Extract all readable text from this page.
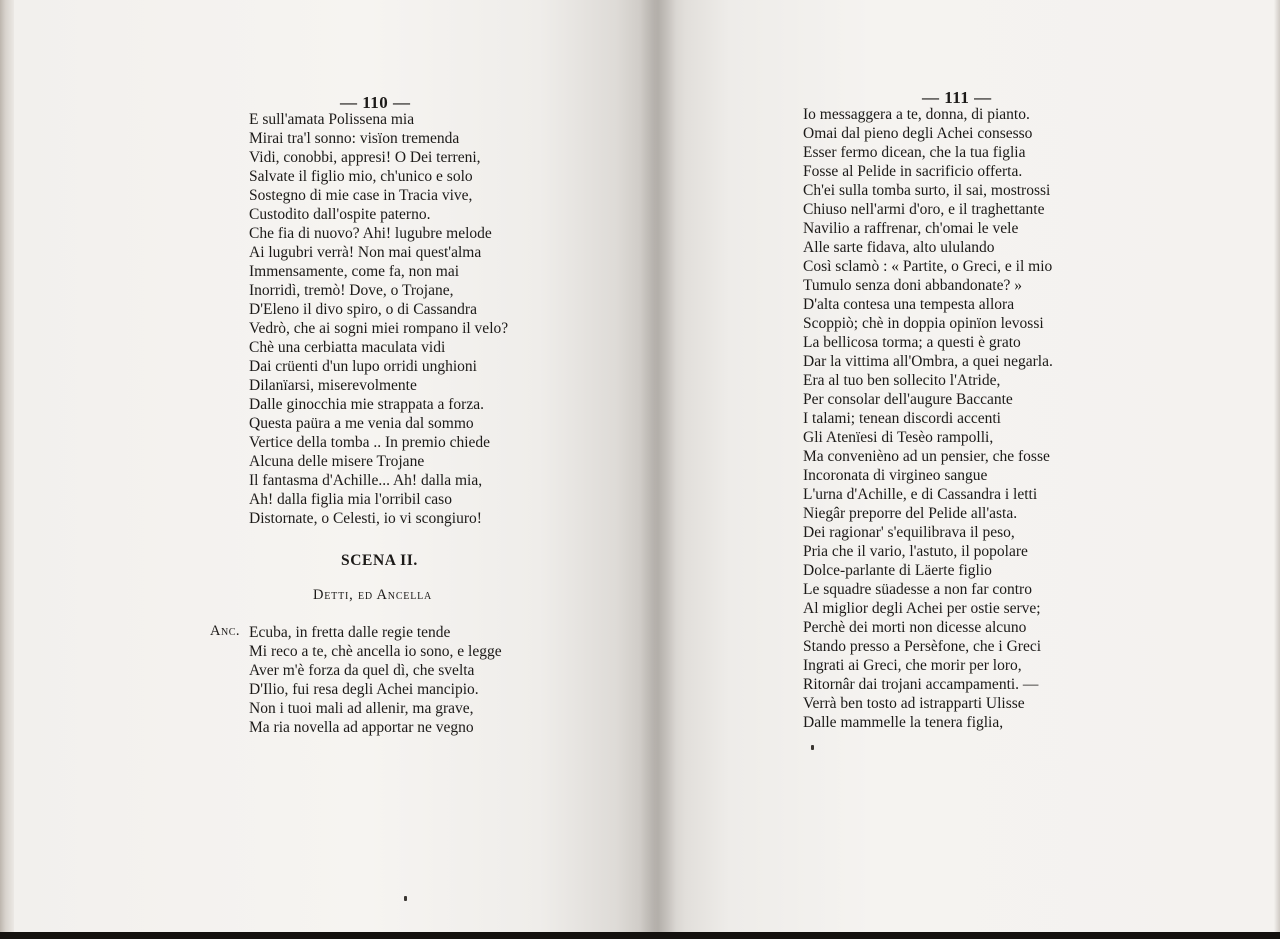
— 110 —
E sull'amata Polissena mia
Mirai tra'l sonno: visïon tremenda
Vidi, conobbi, appresi! O Dei terreni,
Salvate il figlio mio, ch'unico e solo
Sostegno di mie case in Tracia vive,
Custodito dall'ospite paterno.
Che fia di nuovo? Ahi! lugubre melode
Ai lugubri verrà! Non mai quest'alma
Immensamente, come fa, non mai
Inorridì, tremò! Dove, o Trojane,
D'Eleno il divo spiro, o di Cassandra
Vedrò, che ai sogni miei rompano il velo?
Chè una cerbiatta maculata vidi
Dai crüenti d'un lupo orridi unghioni
Dilanïarsi, miserevolmente
Dalle ginocchia mie strappata a forza.
Questa paüra a me venia dal sommo
Vertice della tomba .. In premio chiede
Alcuna delle misere Trojane
Il fantasma d'Achille... Ah! dalla mia,
Ah! dalla figlia mia l'orribil caso
Distornate, o Celesti, io vi scongiuro!
SCENA II.
Detti, ed Ancella
Anc. Ecuba, in fretta dalle regie tende
Mi reco a te, chè ancella io sono, e legge
Aver m'è forza da quel dì, che svelta
D'Ilio, fui resa degli Achei mancipio.
Non i tuoi mali ad allenir, ma grave,
Ma ria novella ad apportar ne vegno
— 111 —
Io messaggera a te, donna, di pianto.
Omai dal pieno degli Achei consesso
Esser fermo dicean, che la tua figlia
Fosse al Pelide in sacrificio offerta.
Ch'ei sulla tomba surto, il sai, mostrossi
Chiuso nell'armi d'oro, e il traghettante
Navilio a raffrenar, ch'omai le vele
Alle sarte fidava, alto ululando
Così sclamò : « Partite, o Greci, e il mio
Tumulo senza doni abbandonate? »
D'alta contesa una tempesta allora
Scoppiò; chè in doppia opinïon levossi
La bellicosa torma; a questi è grato
Dar la vittima all'Ombra, a quei negarla.
Era al tuo ben sollecito l'Atride,
Per consolar dell'augure Baccante
I talami; tenean discordi accenti
Gli Atenïesi di Tesèo rampolli,
Ma convenièno ad un pensier, che fosse
Incoronata di virgineo sangue
L'urna d'Achille, e di Cassandra i letti
Niegâr preporre del Pelide all'asta.
Dei ragionar' s'equilibrava il peso,
Pria che il vario, l'astuto, il popolare
Dolce-parlante di Läerte figlio
Le squadre süadesse a non far contro
Al miglior degli Achei per ostie serve;
Perchè dei morti non dicesse alcuno
Stando presso a Persèfone, che i Greci
Ingrati ai Greci, che morir per loro,
Ritornâr dai trojani accampamenti. —
Verrà ben tosto ad istrapparti Ulisse
Dalle mammelle la tenera figlia,
